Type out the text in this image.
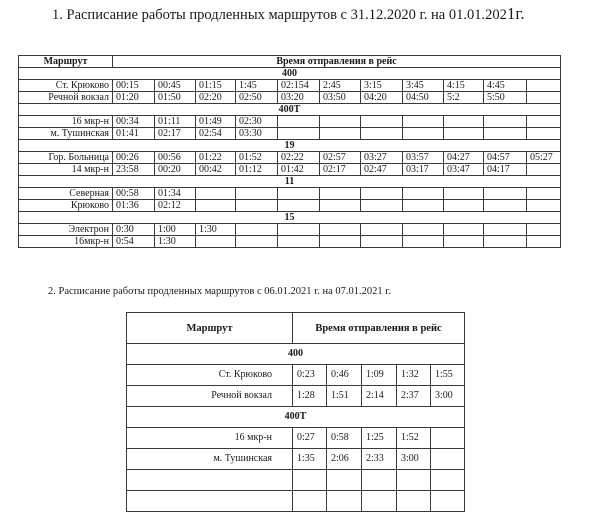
1. Расписание работы продленных маршрутов с 31.12.2020 г. на 01.01.2021г.
Маршрут	Время отправления в рейс										
400											
Ст. Крюково	00:15	00:45	01:15	1:45	02:154	2:45	3:15	3:45	4:15	4:45	
Речной вокзал	01:20	01:50	02:20	02:50	03:20	03:50	04:20	04:50	5:2	5:50	
400Т											
16 мкр-н	00:34	01:11	01:49	02:30							
м. Тушинская	01:41	02:17	02:54	03:30							
19											
Гор. Больница	00:26	00:56	01:22	01:52	02:22	02:57	03:27	03:57	04:27	04:57	05:27
14 мкр-н	23:58	00:20	00:42	01:12	01:42	02:17	02:47	03:17	03:47	04:17	
11											
Северная	00:58	01:34									
Крюково	01:36	02:12									
15											
Электрон	0:30	1:00	1:30								
16мкр-н	0:54	1:30									
2. Расписание работы продленных маршрутов с 06.01.2021 г. на 07.01.2021 г.
Маршрут	Время отправления в рейс				
400					
Ст. Крюково	0:23	0:46	1:09	1:32	1:55
Речной вокзал	1:28	1:51	2:14	2:37	3:00
400Т					
16 мкр-н	0:27	0:58	1:25	1:52	
м. Тушинская	1:35	2:06	2:33	3:00	
